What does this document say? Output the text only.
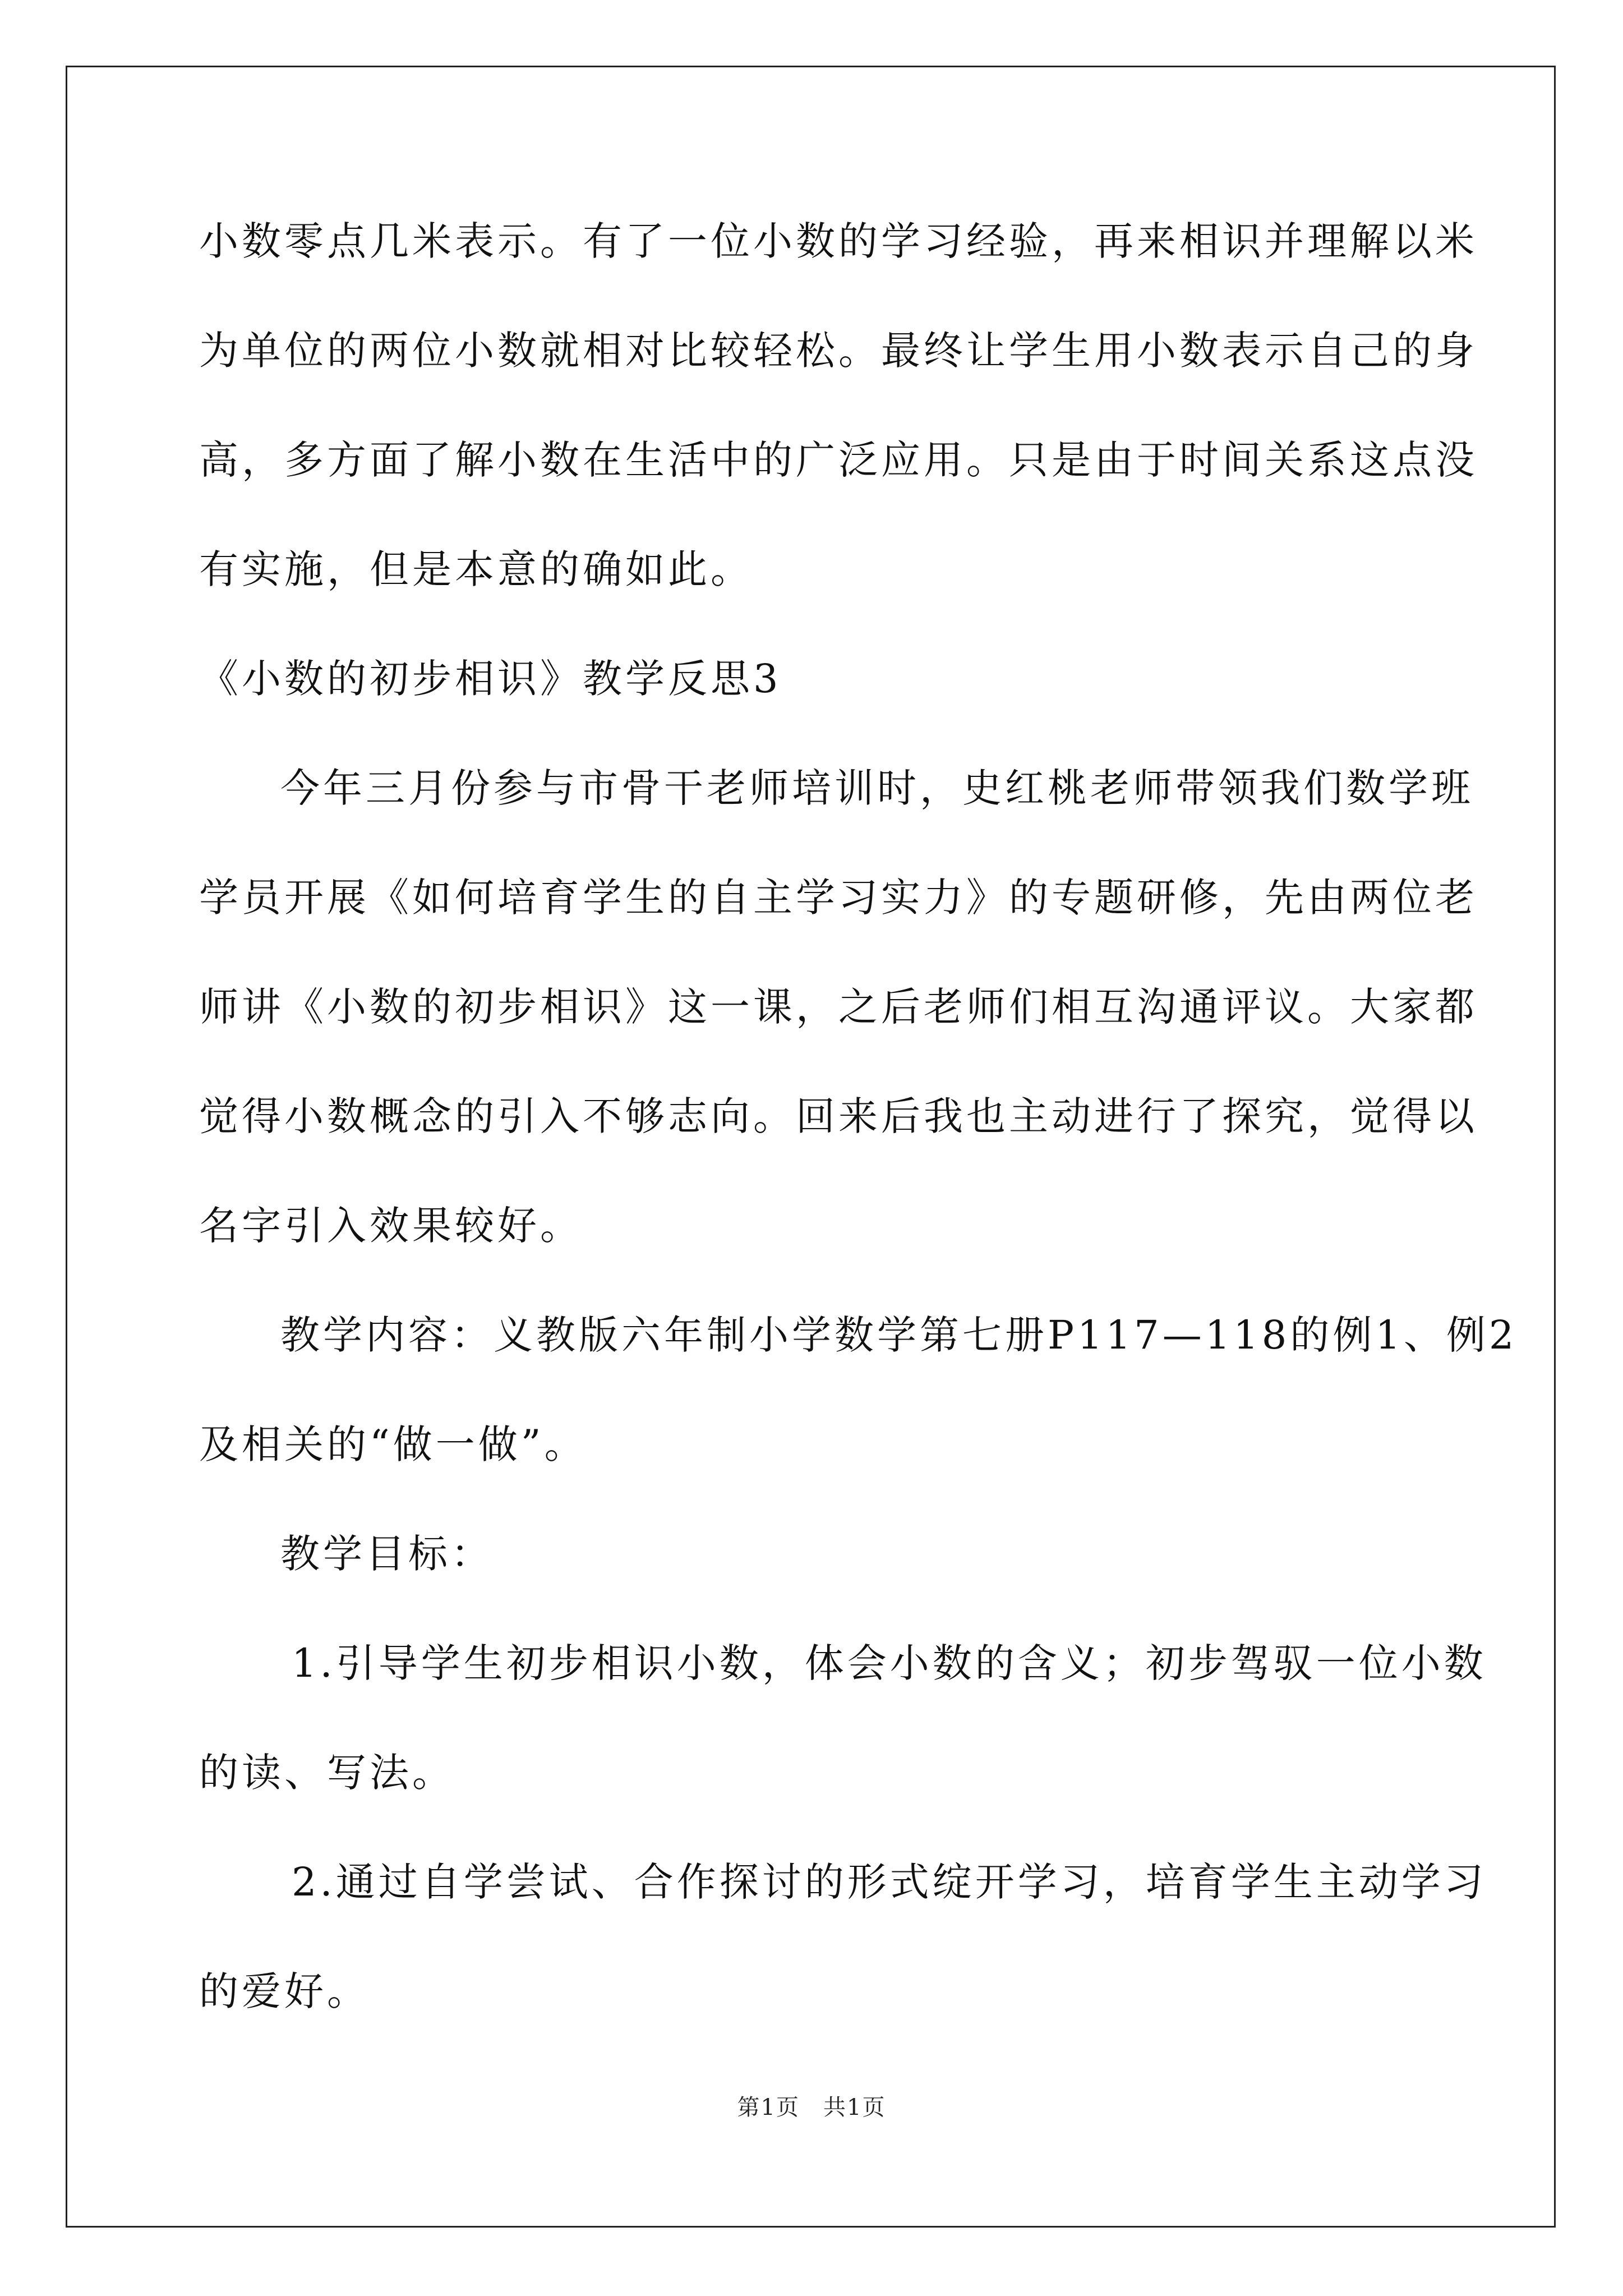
小数零点几米表示。有了一位小数的学习经验，再来相识并理解以米
为单位的两位小数就相对比较轻松。最终让学生用小数表示自己的身
高，多方面了解小数在生活中的广泛应用。只是由于时间关系这点没
有实施，但是本意的确如此。
《小数的初步相识》教学反思3
今年三月份参与市骨干老师培训时，史红桃老师带领我们数学班
学员开展《如何培育学生的自主学习实力》的专题研修，先由两位老
师讲《小数的初步相识》这一课，之后老师们相互沟通评议。大家都
觉得小数概念的引入不够志向。回来后我也主动进行了探究，觉得以
名字引入效果较好。
教学内容：义教版六年制小学数学第七册P117—118的例1、例2
及相关的“做一做”。
教学目标：
1.引导学生初步相识小数，体会小数的含义；初步驾驭一位小数
的读、写法。
2.通过自学尝试、合作探讨的形式绽开学习，培育学生主动学习
的爱好。
第1页　共1页
